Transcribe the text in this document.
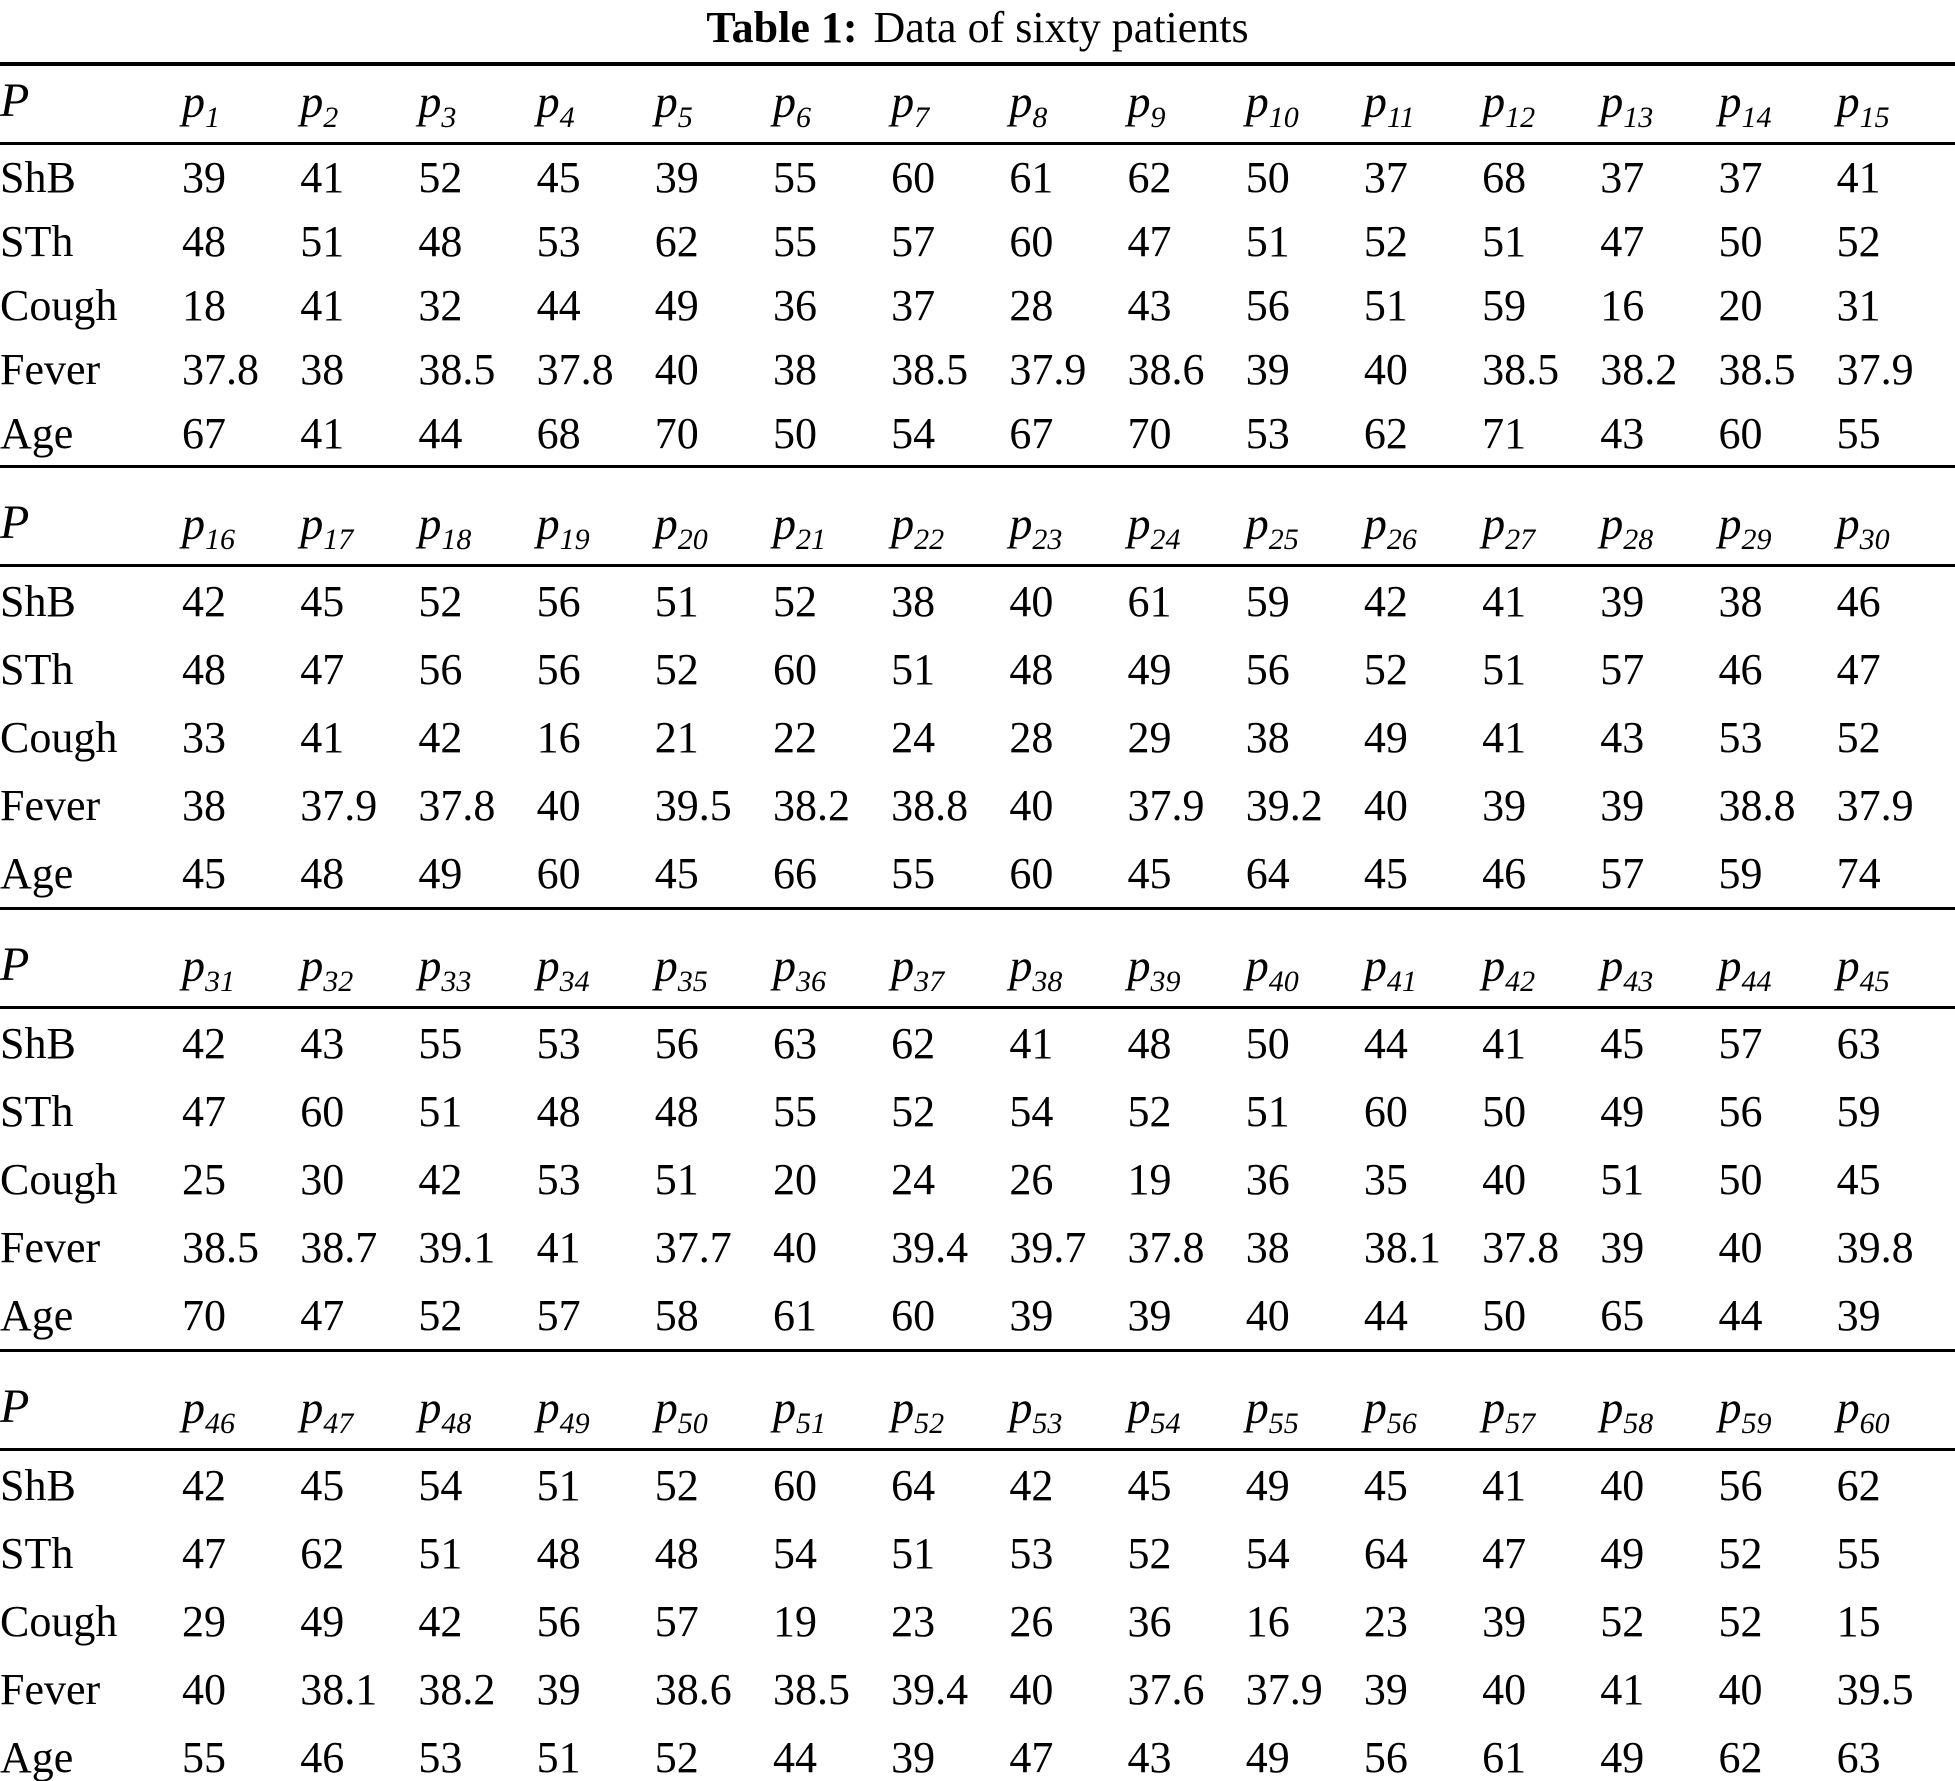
Table 1: Data of sixty patients
P	$p_1$	$p_2$	$p_3$	$p_4$	$p_5$	$p_6$	$p_7$	$p_8$	$p_9$	$p_{10}$	$p_{11}$	$p_{12}$	$p_{13}$	$p_{14}$	$p_{15}$
ShB	39	41	52	45	39	55	60	61	62	50	37	68	37	37	41
STh	48	51	48	53	62	55	57	60	47	51	52	51	47	50	52
Cough	18	41	32	44	49	36	37	28	43	56	51	59	16	20	31
Fever	37.8	38	38.5	37.8	40	38	38.5	37.9	38.6	39	40	38.5	38.2	38.5	37.9
Age	67	41	44	68	70	50	54	67	70	53	62	71	43	60	55
P	$p_{16}$	$p_{17}$	$p_{18}$	$p_{19}$	$p_{20}$	$p_{21}$	$p_{22}$	$p_{23}$	$p_{24}$	$p_{25}$	$p_{26}$	$p_{27}$	$p_{28}$	$p_{29}$	$p_{30}$
ShB	42	45	52	56	51	52	38	40	61	59	42	41	39	38	46
STh	48	47	56	56	52	60	51	48	49	56	52	51	57	46	47
Cough	33	41	42	16	21	22	24	28	29	38	49	41	43	53	52
Fever	38	37.9	37.8	40	39.5	38.2	38.8	40	37.9	39.2	40	39	39	38.8	37.9
Age	45	48	49	60	45	66	55	60	45	64	45	46	57	59	74
P	$p_{31}$	$p_{32}$	$p_{33}$	$p_{34}$	$p_{35}$	$p_{36}$	$p_{37}$	$p_{38}$	$p_{39}$	$p_{40}$	$p_{41}$	$p_{42}$	$p_{43}$	$p_{44}$	$p_{45}$
ShB	42	43	55	53	56	63	62	41	48	50	44	41	45	57	63
STh	47	60	51	48	48	55	52	54	52	51	60	50	49	56	59
Cough	25	30	42	53	51	20	24	26	19	36	35	40	51	50	45
Fever	38.5	38.7	39.1	41	37.7	40	39.4	39.7	37.8	38	38.1	37.8	39	40	39.8
Age	70	47	52	57	58	61	60	39	39	40	44	50	65	44	39
P	$p_{46}$	$p_{47}$	$p_{48}$	$p_{49}$	$p_{50}$	$p_{51}$	$p_{52}$	$p_{53}$	$p_{54}$	$p_{55}$	$p_{56}$	$p_{57}$	$p_{58}$	$p_{59}$	$p_{60}$
ShB	42	45	54	51	52	60	64	42	45	49	45	41	40	56	62
STh	47	62	51	48	48	54	51	53	52	54	64	47	49	52	55
Cough	29	49	42	56	57	19	23	26	36	16	23	39	52	52	15
Fever	40	38.1	38.2	39	38.6	38.5	39.4	40	37.6	37.9	39	40	41	40	39.5
Age	55	46	53	51	52	44	39	47	43	49	56	61	49	62	63
